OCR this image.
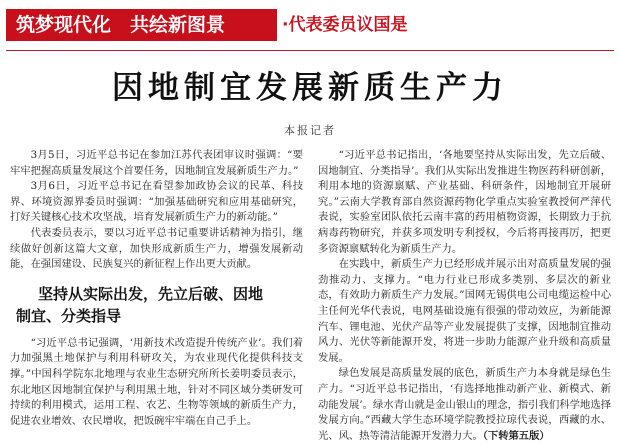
筑梦现代化　共绘新图景	·代表委员议国是
因地制宜发展新质生产力
本报记者

3月5日，习近平总书记在参加江苏代表团审议时强调：“要牢牢把握高质量发展这个首要任务，因地制宜发展新质生产力。”

3月6日，习近平总书记在看望参加政协会议的民革、科技界、环境资源界委员时强调：“加强基础研究和应用基础研究，打好关键核心技术攻坚战，培育发展新质生产力的新动能。”

代表委员表示，要以习近平总书记重要讲话精神为指引，继续做好创新这篇大文章，加快形成新质生产力，增强发展新动能，在强国建设、民族复兴的新征程上作出更大贡献。

坚持从实际出发，先立后破、因地
制宜、分类指导

“习近平总书记强调，‘用新技术改造提升传统产业’。我们着力加强黑土地保护与利用科研攻关，为农业现代化提供科技支撑。”中国科学院东北地理与农业生态研究所所长姜明委员表示，东北地区因地制宜保护与利用黑土地，针对不同区域分类研发可持续的利用模式，运用工程、农艺、生物等领域的新质生产力，促进农业增效、农民增收，把饭碗牢牢端在自己手上。

“习近平总书记指出，‘各地要坚持从实际出发，先立后破、因地制宜、分类指导’。我们从实际出发推进生物医药科研创新，利用本地的资源禀赋、产业基础、科研条件，因地制宜开展研究。”云南大学教育部自然资源药物化学重点实验室教授何严萍代表说，实验室团队依托云南丰富的药用植物资源，长期致力于抗病毒药物研究，并获多项发明专利授权，今后将再接再厉，把更多资源禀赋转化为新质生产力。

在实践中，新质生产力已经形成并展示出对高质量发展的强劲推动力、支撑力。“电力行业已形成多类别、多层次的新业态，有效助力新质生产力发展。”国网无锡供电公司电缆运检中心主任何光华代表说，电网基础设施有很强的带动效应，为新能源汽车、锂电池、光伏产品等产业发展提供了支撑，因地制宜推动风力、光伏等新能源开发，将进一步助力能源产业升级和高质量发展。

绿色发展是高质量发展的底色，新质生产力本身就是绿色生产力。“习近平总书记指出，‘有选择地推动新产业、新模式、新动能发展’。绿水青山就是金山银山的理念，指引我们科学地选择发展方向。”西藏大学生态环境学院教授拉琼代表说，西藏的水、光、风、热等清洁能源开发潜力大。（下转第五版）
